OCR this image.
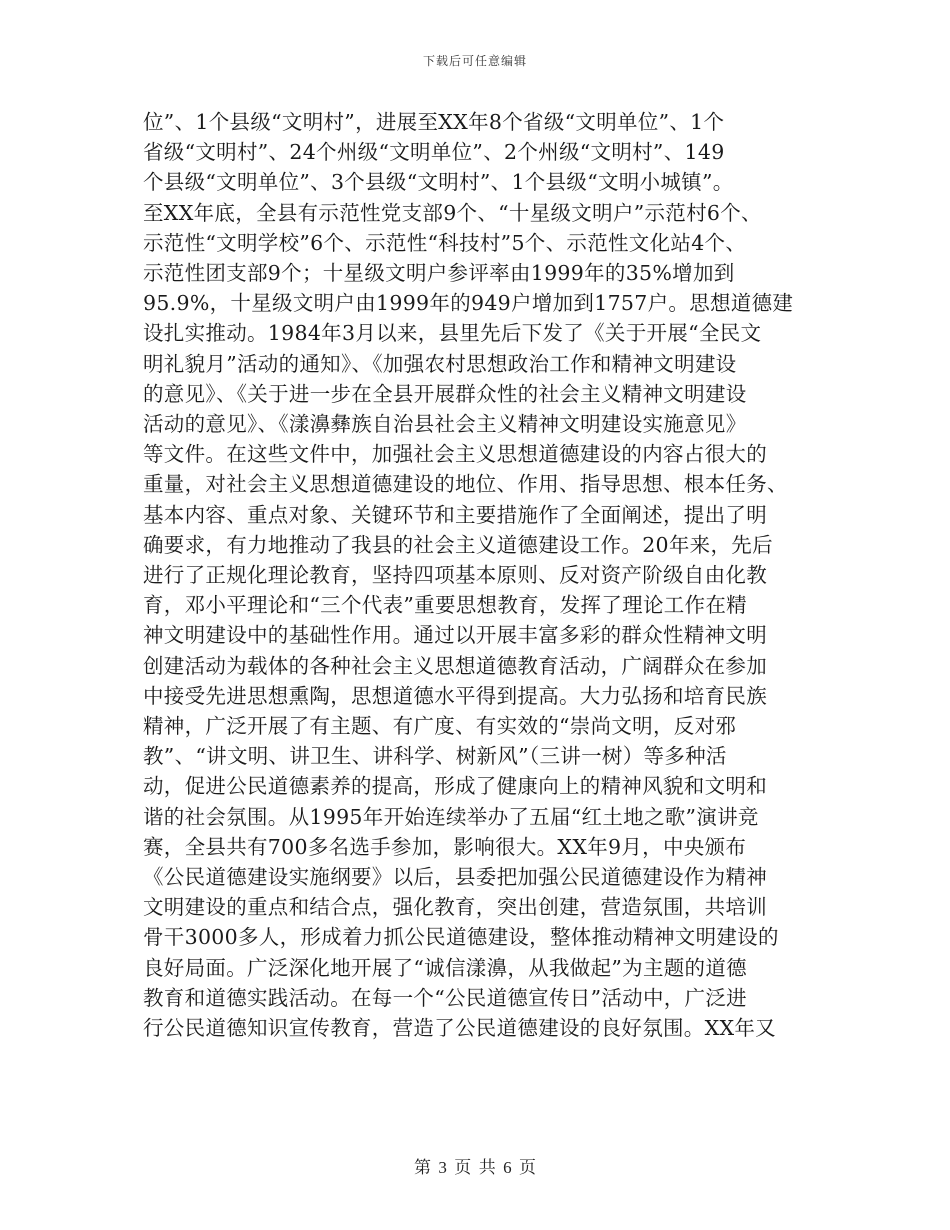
下载后可任意编辑
位”、1个县级“文明村”，进展至XX年8个省级“文明单位”、1个
省级“文明村”、24个州级“文明单位”、2个州级“文明村”、149
个县级“文明单位”、3个县级“文明村”、1个县级“文明小城镇”。
至XX年底，全县有示范性党支部9个、“十星级文明户”示范村6个、
示范性“文明学校”6个、示范性“科技村”5个、示范性文化站4个、
示范性团支部9个；十星级文明户参评率由1999年的35%增加到
95.9%，十星级文明户由1999年的949户增加到1757户。思想道德建
设扎实推动。1984年3月以来，县里先后下发了《关于开展“全民文
明礼貌月”活动的通知》、《加强农村思想政治工作和精神文明建设
的意见》、《关于进一步在全县开展群众性的社会主义精神文明建设
活动的意见》、《漾濞彝族自治县社会主义精神文明建设实施意见》
等文件。在这些文件中，加强社会主义思想道德建设的内容占很大的
重量，对社会主义思想道德建设的地位、作用、指导思想、根本任务、
基本内容、重点对象、关键环节和主要措施作了全面阐述，提出了明
确要求，有力地推动了我县的社会主义道德建设工作。20年来，先后
进行了正规化理论教育，坚持四项基本原则、反对资产阶级自由化教
育，邓小平理论和“三个代表”重要思想教育，发挥了理论工作在精
神文明建设中的基础性作用。通过以开展丰富多彩的群众性精神文明
创建活动为载体的各种社会主义思想道德教育活动，广阔群众在参加
中接受先进思想熏陶，思想道德水平得到提高。大力弘扬和培育民族
精神，广泛开展了有主题、有广度、有实效的“崇尚文明，反对邪
教”、“讲文明、讲卫生、讲科学、树新风”（三讲一树）等多种活
动，促进公民道德素养的提高，形成了健康向上的精神风貌和文明和
谐的社会氛围。从1995年开始连续举办了五届“红土地之歌”演讲竞
赛，全县共有700多名选手参加，影响很大。XX年9月，中央颁布
《公民道德建设实施纲要》以后，县委把加强公民道德建设作为精神
文明建设的重点和结合点，强化教育，突出创建，营造氛围，共培训
骨干3000多人，形成着力抓公民道德建设，整体推动精神文明建设的
良好局面。广泛深化地开展了“诚信漾濞，从我做起”为主题的道德
教育和道德实践活动。在每一个“公民道德宣传日”活动中，广泛进
行公民道德知识宣传教育，营造了公民道德建设的良好氛围。XX年又
第 3 页 共 6 页
